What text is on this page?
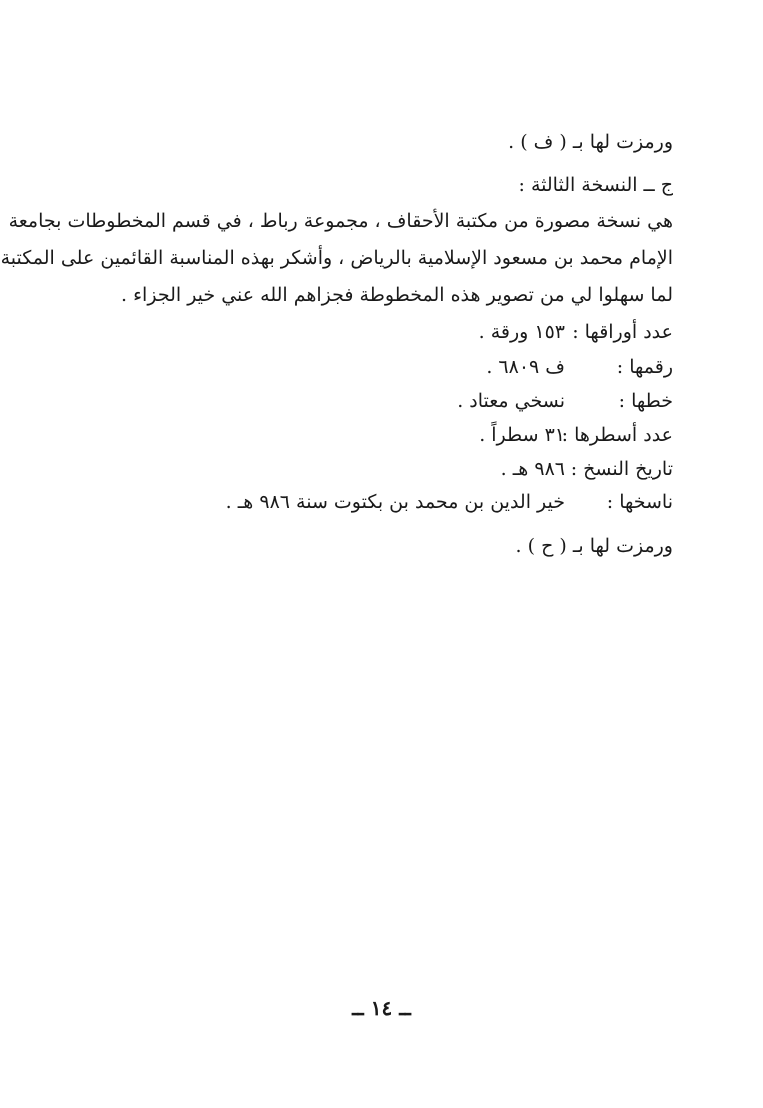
ورمزت لها بـ ( ف ) .
ج ــ النسخة الثالثة :
هي نسخة مصورة من مكتبة الأحقاف ، مجموعة رباط ، في قسم المخطوطات بجامعة
الإمام محمد بن مسعود الإسلامية بالرياض ، وأشكر بهذه المناسبة القائمين على المكتبة
لما سهلوا لي من تصوير هذه المخطوطة فجزاهم الله عني خير الجزاء .
عدد أوراقها :
١٥٣ ورقة .
رقمها :
ف ٦٨٠٩ .
خطها :
نسخي معتاد .
عدد أسطرها :
٣١ سطراً .
تاريخ النسخ :
٩٨٦ هـ .
ناسخها :
خير الدين بن محمد بن بكتوت سنة ٩٨٦ هـ .
ورمزت لها بـ ( ح ) .
ــ ١٤ ــ
